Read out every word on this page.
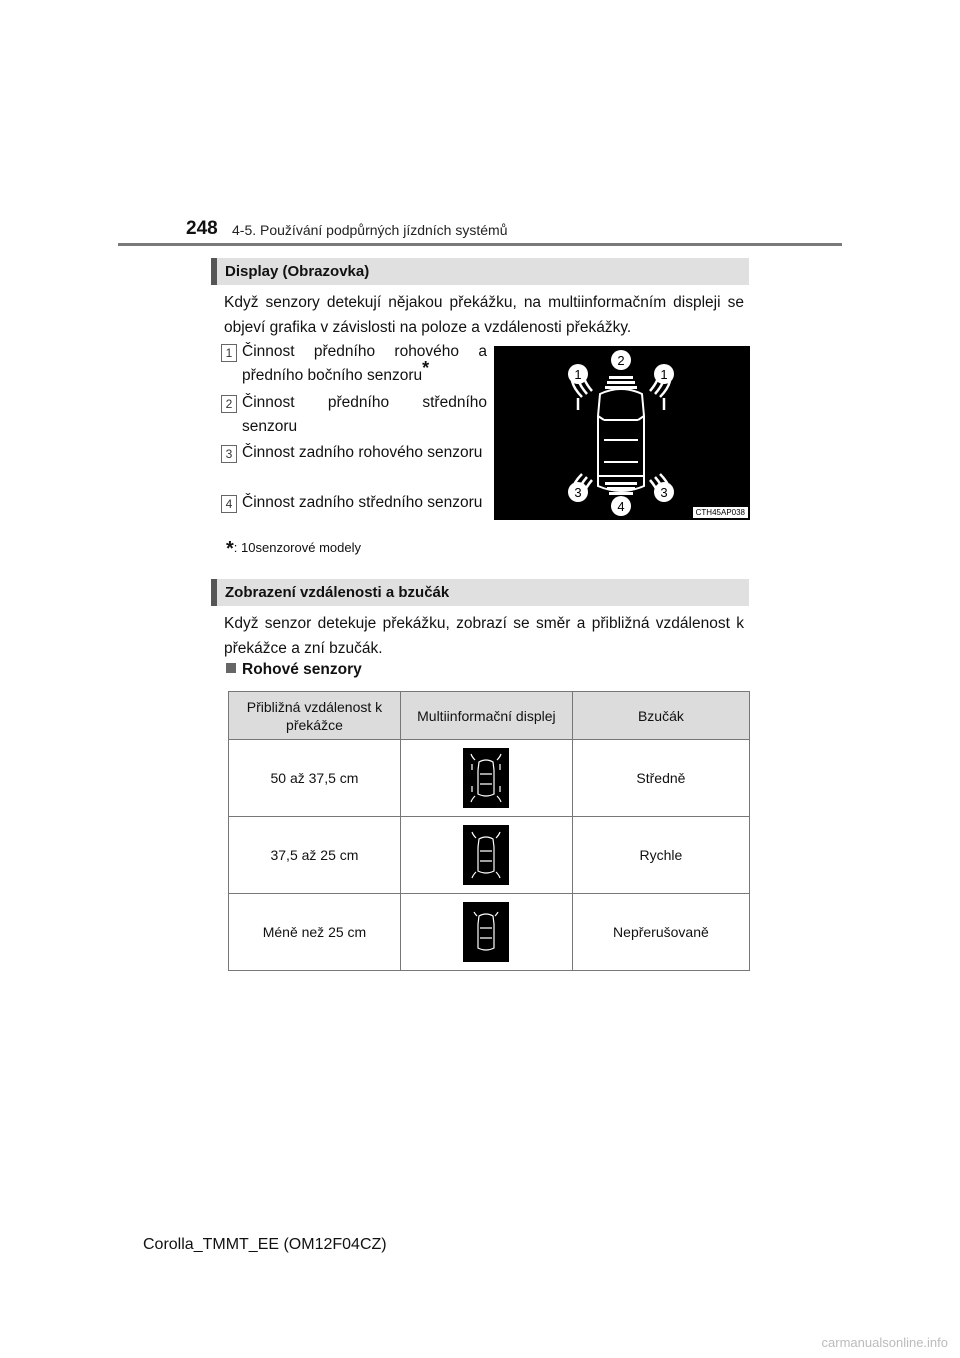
248 4-5. Používání podpůrných jízdních systémů
Display (Obrazovka)
Když senzory detekují nějakou překážku, na multiinformačním displeji se objeví grafika v závislosti na poloze a vzdálenosti překážky.
1 Činnost předního rohového a předního bočního senzoru*
2 Činnost předního středního senzoru
3 Činnost zadního rohového senzoru
4 Činnost zadního středního senzoru
*: 10senzorové modely
1
2
1
3
4
3
CTH45AP038
Zobrazení vzdálenosti a bzučák
Když senzor detekuje překážku, zobrazí se směr a přibližná vzdálenost k překážce a zní bzučák.
Rohové senzory
Přibližná vzdálenost k překážce	Multiinformační displej	Bzučák
50 až 37,5 cm		Středně
37,5 až 25 cm		Rychle
Méně než 25 cm		Nepřerušovaně
Corolla_TMMT_EE (OM12F04CZ)
carmanualsonline.info
